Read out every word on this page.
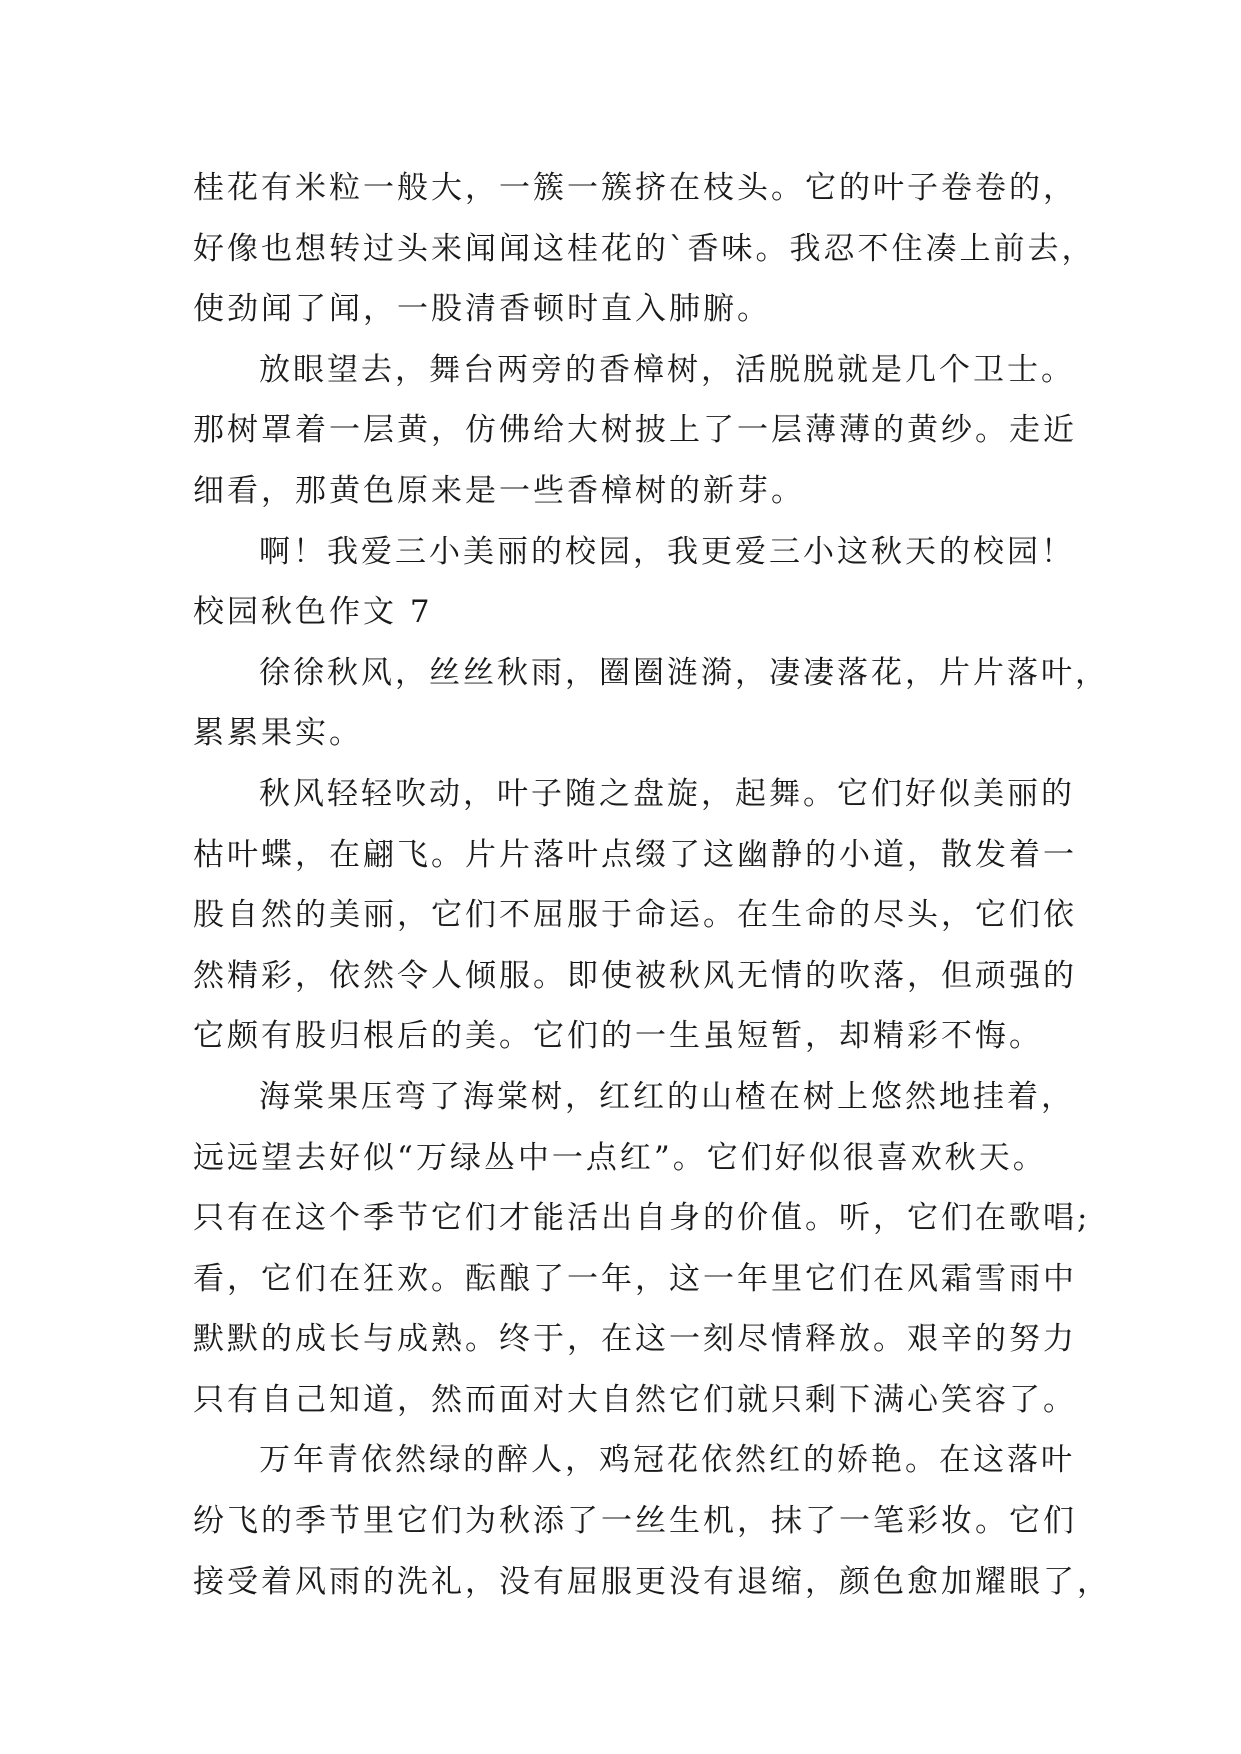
桂花有米粒一般大，一簇一簇挤在枝头。它的叶子卷卷的，
好像也想转过头来闻闻这桂花的`香味。我忍不住凑上前去，
使劲闻了闻，一股清香顿时直入肺腑。
放眼望去，舞台两旁的香樟树，活脱脱就是几个卫士。
那树罩着一层黄，仿佛给大树披上了一层薄薄的黄纱。走近
细看，那黄色原来是一些香樟树的新芽。
啊！我爱三小美丽的校园，我更爱三小这秋天的校园！
校园秋色作文 7
徐徐秋风，丝丝秋雨，圈圈涟漪，凄凄落花，片片落叶，
累累果实。
秋风轻轻吹动，叶子随之盘旋，起舞。它们好似美丽的
枯叶蝶，在翩飞。片片落叶点缀了这幽静的小道，散发着一
股自然的美丽，它们不屈服于命运。在生命的尽头，它们依
然精彩，依然令人倾服。即使被秋风无情的吹落，但顽强的
它颇有股归根后的美。它们的一生虽短暂，却精彩不悔。
海棠果压弯了海棠树，红红的山楂在树上悠然地挂着，
远远望去好似“万绿丛中一点红”。它们好似很喜欢秋天。
只有在这个季节它们才能活出自身的价值。听，它们在歌唱;
看，它们在狂欢。酝酿了一年，这一年里它们在风霜雪雨中
默默的成长与成熟。终于，在这一刻尽情释放。艰辛的努力
只有自己知道，然而面对大自然它们就只剩下满心笑容了。
万年青依然绿的醉人，鸡冠花依然红的娇艳。在这落叶
纷飞的季节里它们为秋添了一丝生机，抹了一笔彩妆。它们
接受着风雨的洗礼，没有屈服更没有退缩，颜色愈加耀眼了，
